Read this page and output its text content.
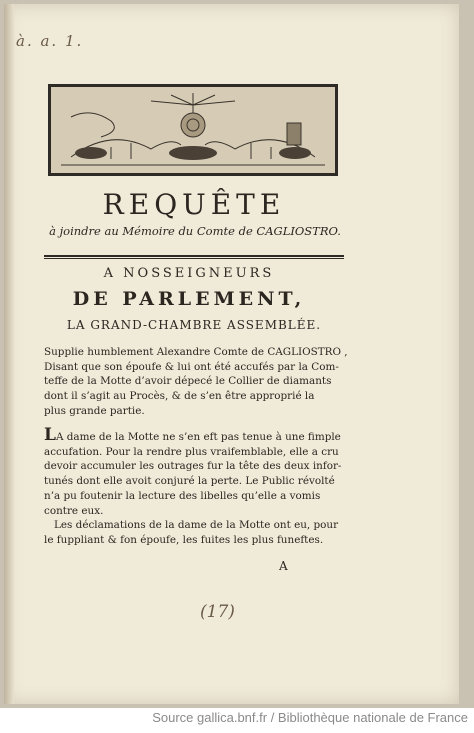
à. a. 1.
REQUÊTE
à joindre au Mémoire du Comte de CAGLIOSTRO.
A NOSSEIGNEURS
DE PARLEMENT,
LA GRAND-CHAMBRE ASSEMBLÉE.
Supplie humblement Alexandre Comte de CAGLIOSTRO ,
Disant que son époufe & lui ont été accufés par la Com-
teffe de la Motte d’avoir dépecé le Collier de diamants
dont il s’agit au Procès, & de s’en être approprié la
plus grande partie.
LA dame de la Motte ne s’en eft pas tenue à une fimple
accufation. Pour la rendre plus vraifemblable, elle a cru
devoir accumuler les outrages fur la tête des deux infor-
tunés dont elle avoit conjuré la perte. Le Public révolté
n’a pu foutenir la lecture des libelles qu’elle a vomis
contre eux.
Les déclamations de la dame de la Motte ont eu, pour
le fuppliant & fon époufe, les fuites les plus funeftes.
A
(17)
Source gallica.bnf.fr / Bibliothèque nationale de France
